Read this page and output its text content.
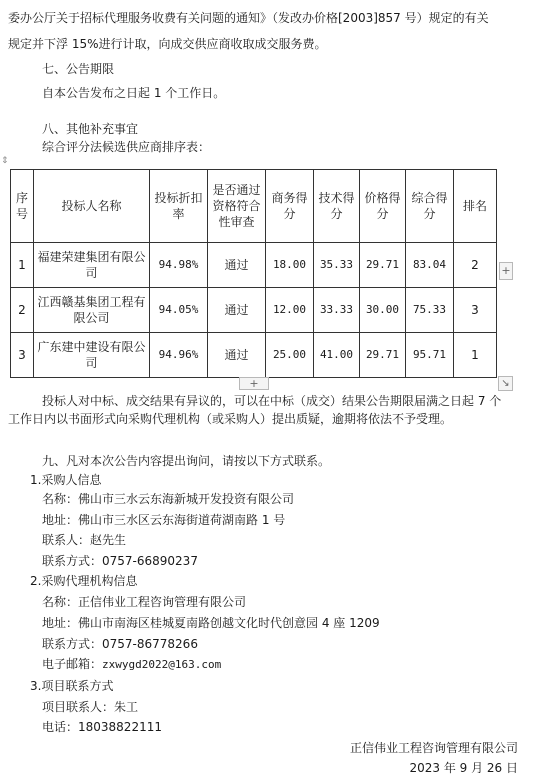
委办公厅关于招标代理服务收费有关问题的通知》（发改办价格[2003]857 号）规定的有关
规定并下浮 15%进行计取，向成交供应商收取成交服务费。
七、公告期限
自本公告发布之日起 1 个工作日。
八、其他补充事宜
综合评分法候选供应商排序表：
⇕
序号	投标人名称	投标折扣率	是否通过资格符合性审查	商务得分	技术得分	价格得分	综合得分	排名
1	福建荣建集团有限公司	94.98%	通过	18.00	35.33	29.71	83.04	2
2	江西赣基集团工程有限公司	94.05%	通过	12.00	33.33	30.00	75.33	3
3	广东建中建设有限公司	94.96%	通过	25.00	41.00	29.71	95.71	1
+
+	↘
投标人对中标、成交结果有异议的，可以在中标（成交）结果公告期限届满之日起 7 个
工作日内以书面形式向采购代理机构（或采购人）提出质疑，逾期将依法不予受理。
九、凡对本次公告内容提出询问，请按以下方式联系。
1.采购人信息
名称：佛山市三水云东海新城开发投资有限公司
地址：佛山市三水区云东海街道荷湖南路 1 号
联系人：赵先生
联系方式：0757-66890237
2.采购代理机构信息
名称：正信伟业工程咨询管理有限公司
地址：佛山市南海区桂城夏南路创越文化时代创意园 4 座 1209
联系方式：0757-86778266
电子邮箱：zxwygd2022@163.com
3.项目联系方式
项目联系人：朱工
电话：18038822111
正信伟业工程咨询管理有限公司
2023 年 9 月 26 日
